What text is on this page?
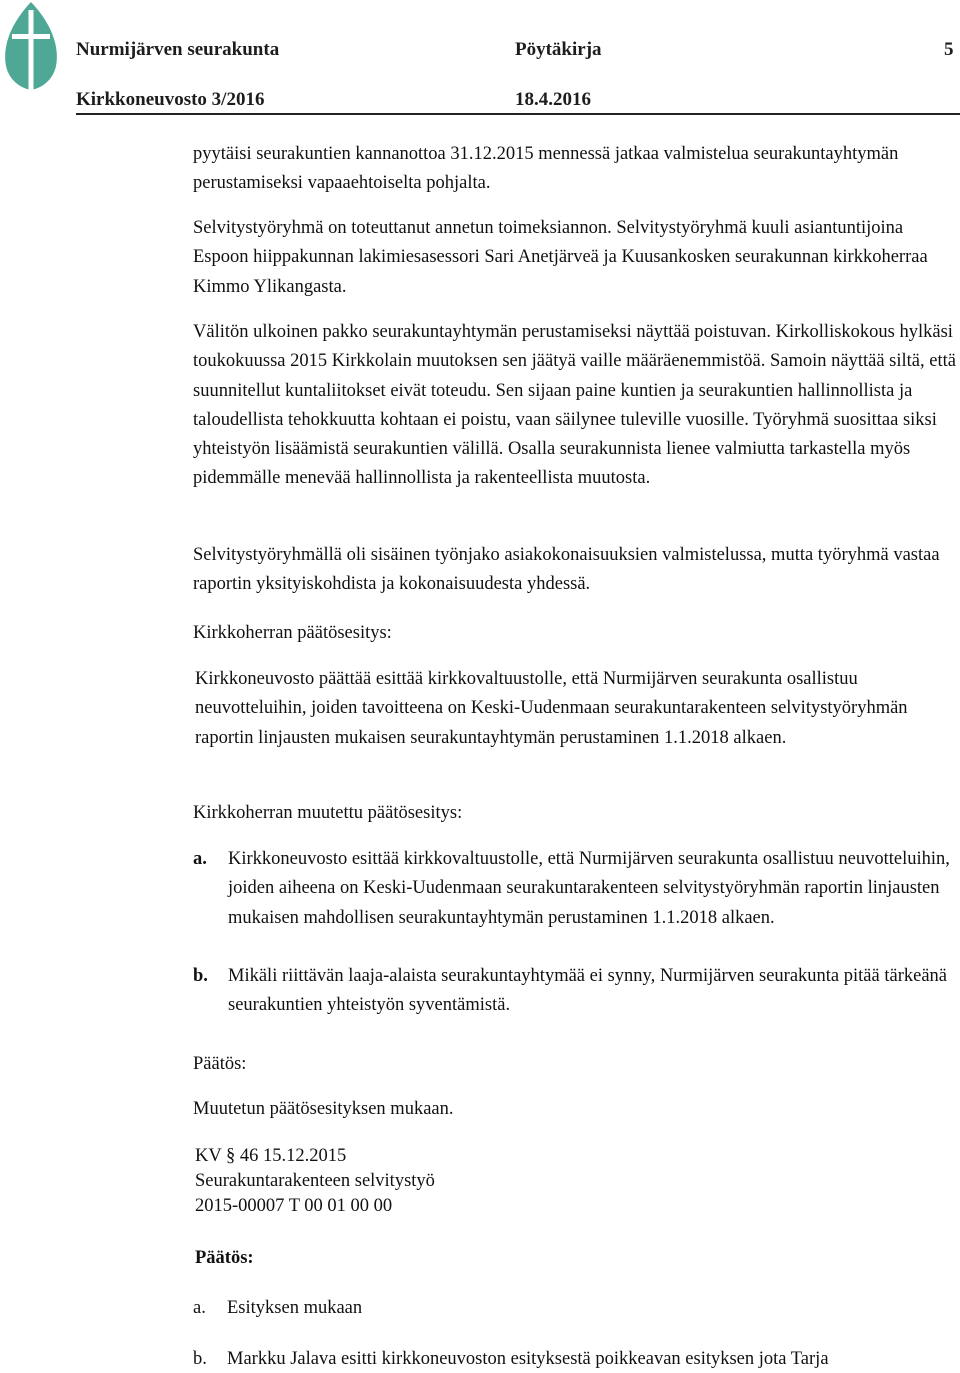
Nurmijärven seurakunta	Pöytäkirja	5
Kirkkoneuvosto 3/2016	18.4.2016

pyytäisi seurakuntien kannanottoa 31.12.2015 mennessä jatkaa valmistelua seurakuntayhtymän perustamiseksi vapaaehtoiselta pohjalta.

Selvitystyöryhmä on toteuttanut annetun toimeksiannon. Selvitystyöryhmä kuuli asiantuntijoina Espoon hiippakunnan lakimiesasessori Sari Anetjärveä ja Kuusankosken seurakunnan kirkkoherraa Kimmo Ylikangasta.

Välitön ulkoinen pakko seurakuntayhtymän perustamiseksi näyttää poistuvan. Kirkolliskokous hylkäsi toukokuussa 2015 Kirkkolain muutoksen sen jäätyä vaille määräenemmistöä. Samoin näyttää siltä, että suunnitellut kuntaliitokset eivät toteudu. Sen sijaan paine kuntien ja seurakuntien hallinnollista ja taloudellista tehokkuutta kohtaan ei poistu, vaan säilynee tuleville vuosille. Työryhmä suosittaa siksi yhteistyön lisäämistä seurakuntien välillä. Osalla seurakunnista lienee valmiutta tarkastella myös pidemmälle menevää hallinnollista ja rakenteellista muutosta.

Selvitystyöryhmällä oli sisäinen työnjako asiakokonaisuuksien valmistelussa, mutta työryhmä vastaa raportin yksityiskohdista ja kokonaisuudesta yhdessä.

Kirkkoherran päätösesitys:

Kirkkoneuvosto päättää esittää kirkkovaltuustolle, että Nurmijärven seurakunta osallistuu neuvotteluihin, joiden tavoitteena on Keski-Uudenmaan seurakuntarakenteen selvitystyöryhmän raportin linjausten mukaisen seurakuntayhtymän perustaminen 1.1.2018 alkaen.

Kirkkoherran muutettu päätösesitys:

a. Kirkkoneuvosto esittää kirkkovaltuustolle, että Nurmijärven seurakunta osallistuu neuvotteluihin, joiden aiheena on Keski-Uudenmaan seurakuntarakenteen selvitystyöryhmän raportin linjausten mukaisen mahdollisen seurakuntayhtymän perustaminen 1.1.2018 alkaen.
b. Mikäli riittävän laaja-alaista seurakuntayhtymää ei synny, Nurmijärven seurakunta pitää tärkeänä seurakuntien yhteistyön syventämistä.

Päätös:

Muutetun päätösesityksen mukaan.

KV § 46 15.12.2015
Seurakuntarakenteen selvitystyö
2015-00007 T 00 01 00 00
Päätös:
a. Esityksen mukaan
b. Markku Jalava esitti kirkkoneuvoston esityksestä poikkeavan esityksen jota Tarja
